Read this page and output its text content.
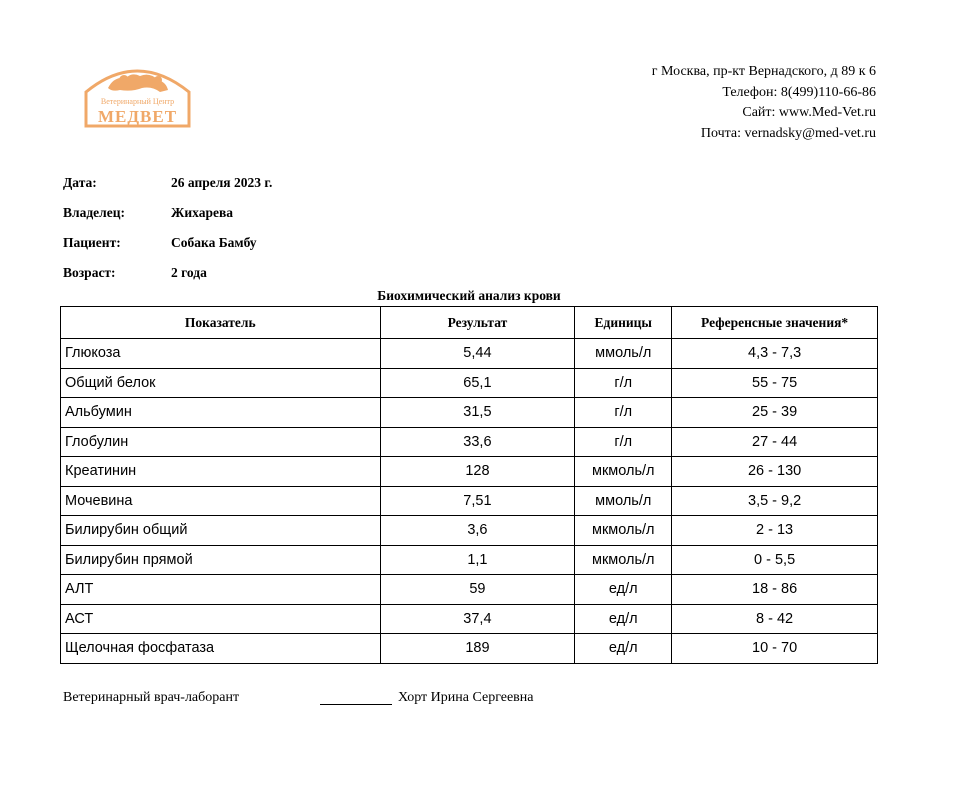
Ветеринарный Центр
МЕДВЕТ
г Москва, пр-кт Вернадского, д 89 к 6
Телефон: 8(499)110-66-86
Сайт: www.Med-Vet.ru
Почта: vernadsky@med-vet.ru
Дата:	26 апреля 2023 г.
Владелец:	Жихарева
Пациент:	Собака Бамбу
Возраст:	2 года
Биохимический анализ крови
Показатель	Результат	Единицы	Референсные значения*
Глюкоза	5,44	ммоль/л	4,3 - 7,3
Общий белок	65,1	г/л	55 - 75
Альбумин	31,5	г/л	25 - 39
Глобулин	33,6	г/л	27 - 44
Креатинин	128	мкмоль/л	26 - 130
Мочевина	7,51	ммоль/л	3,5 - 9,2
Билирубин общий	3,6	мкмоль/л	2 - 13
Билирубин прямой	1,1	мкмоль/л	0 - 5,5
АЛТ	59	ед/л	18 - 86
АСТ	37,4	ед/л	8 - 42
Щелочная фосфатаза	189	ед/л	10 - 70
Ветеринарный врач-лаборант	Хорт Ирина Сергеевна
